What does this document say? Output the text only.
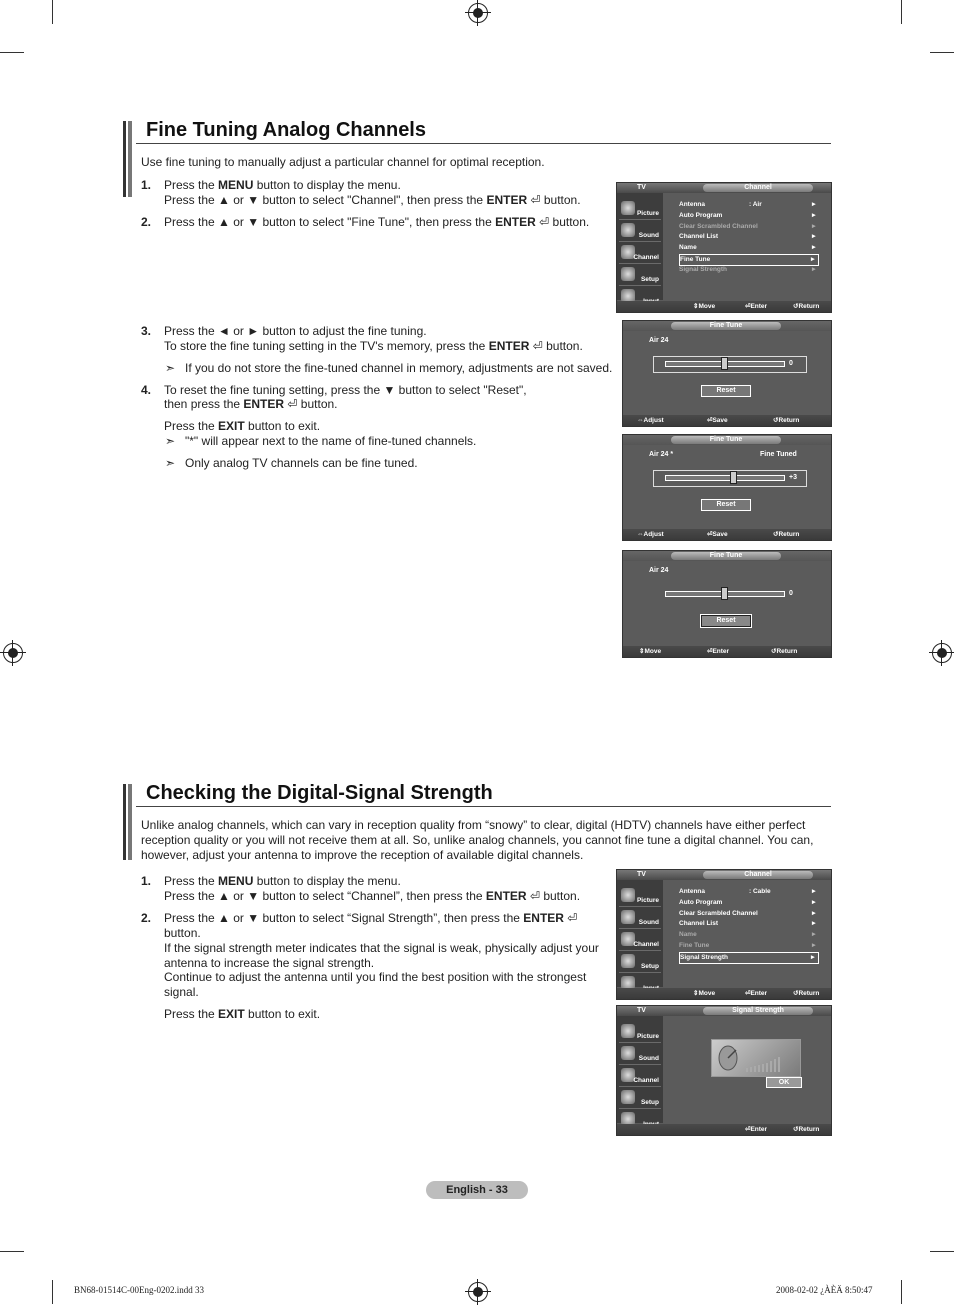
Fine Tuning Analog Channels
Use fine tuning to manually adjust a particular channel for optimal reception.
1. Press the MENU button to display the menu.
Press the ▲ or ▼ button to select "Channel", then press the ENTER ⏎ button.
2. Press the ▲ or ▼ button to select "Fine Tune", then press the ENTER ⏎ button.
3. Press the ◄ or ► button to adjust the fine tuning.
To store the fine tuning setting in the TV's memory, press the ENTER ⏎ button.
➣ If you do not store the fine-tuned channel in memory, adjustments are not saved.
4. To reset the fine tuning setting, press the ▼ button to select "Reset",
then press the ENTER ⏎ button.
Press the EXIT button to exit.
➣ "*" will appear next to the name of fine-tuned channels.
➣ Only analog TV channels can be fine tuned.
TV	Channel
Picture
Sound
Channel
Setup
Antenna	: Air	►
Auto Program	►
Clear Scrambled Channel	►
Channel List	►
Name	►
Fine Tune	►
Signal Strength	►
⇕ Move	⏎ Enter	↺ Return
Fine Tune
Air 24
0
Reset
⇔ Adjust	⏎ Save	↺ Return
Fine Tune
Air 24 *	Fine Tuned
+3
Reset
⇔ Adjust	⏎ Save	↺ Return
Fine Tune
Air 24
0
Reset
⇕ Move	⏎ Enter	↺ Return
Checking the Digital-Signal Strength
Unlike analog channels, which can vary in reception quality from “snowy” to clear, digital (HDTV) channels have either perfect
reception quality or you will not receive them at all. So, unlike analog channels, you cannot fine tune a digital channel. You can,
however, adjust your antenna to improve the reception of available digital channels.
1. Press the MENU button to display the menu.
Press the ▲ or ▼ button to select “Channel”, then press the ENTER ⏎ button.
2. Press the ▲ or ▼ button to select “Signal Strength”, then press the ENTER ⏎
button.
If the signal strength meter indicates that the signal is weak, physically adjust your
antenna to increase the signal strength.
Continue to adjust the antenna until you find the best position with the strongest
signal.
Press the EXIT button to exit.
TV	Channel
Picture
Sound
Channel
Setup
Antenna	: Cable	►
Auto Program	►
Clear Scrambled Channel	►
Channel List	►
Name	►
Fine Tune	►
Signal Strength	►
⇕ Move	⏎ Enter	↺ Return
TV	Signal Strength
Picture
Sound
Channel
Setup
OK
⏎ Enter	↺ Return
English - 33
BN68-01514C-00Eng-0202.indd 33	2008-02-02 ¿ÀÈÄ 8:50:47
